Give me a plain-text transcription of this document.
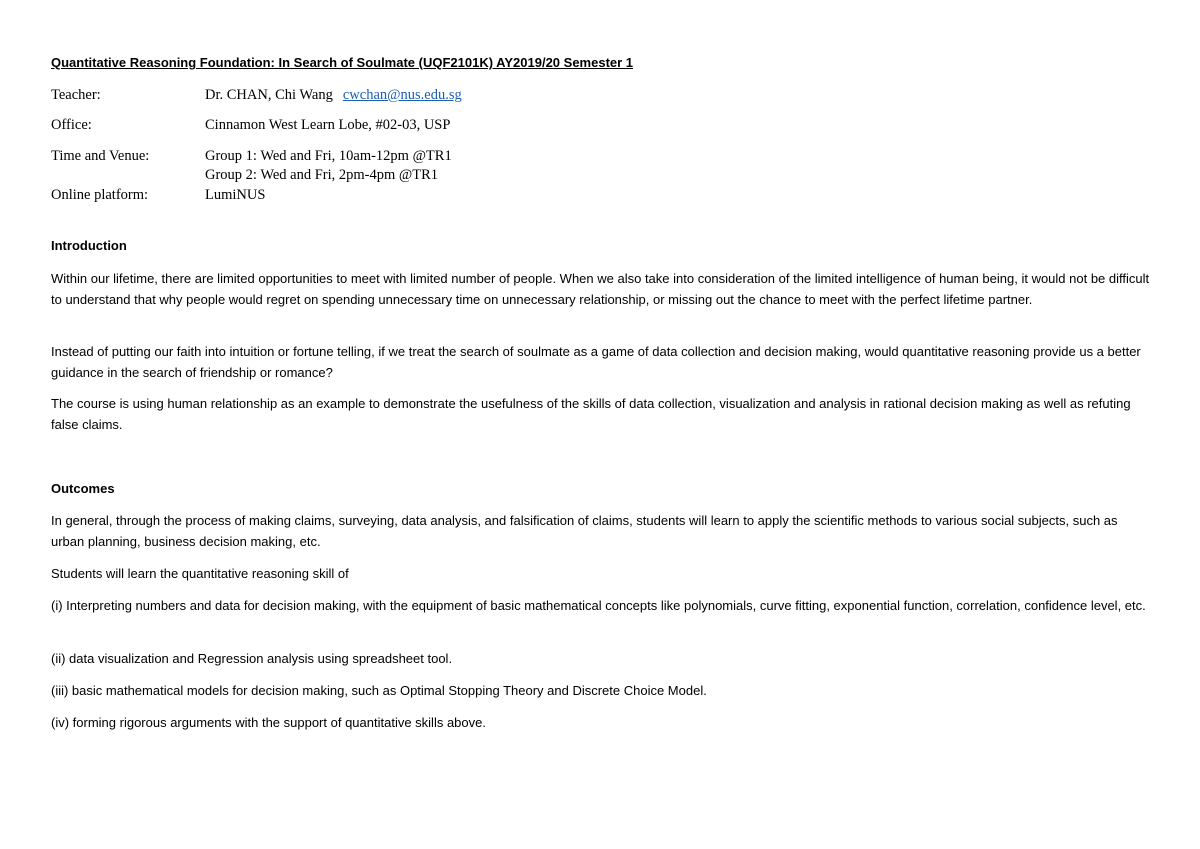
Quantitative Reasoning Foundation: In Search of Soulmate (UQF2101K) AY2019/20 Semester 1
Teacher:	Dr. CHAN, Chi Wang cwchan@nus.edu.sg
Office:	Cinnamon West Learn Lobe, #02-03, USP
Time and Venue:	Group 1: Wed and Fri, 10am-12pm @TR1
Group 2: Wed and Fri, 2pm-4pm @TR1
Online platform:	LumiNUS
Introduction
Within our lifetime, there are limited opportunities to meet with limited number of people. When we also take into consideration of the limited intelligence of human being, it would not be difficult to understand that why people would regret on spending unnecessary time on unnecessary relationship, or missing out the chance to meet with the perfect lifetime partner.
Instead of putting our faith into intuition or fortune telling, if we treat the search of soulmate as a game of data collection and decision making, would quantitative reasoning provide us a better guidance in the search of friendship or romance?
The course is using human relationship as an example to demonstrate the usefulness of the skills of data collection, visualization and analysis in rational decision making as well as refuting false claims.
Outcomes
In general, through the process of making claims, surveying, data analysis, and falsification of claims, students will learn to apply the scientific methods to various social subjects, such as urban planning, business decision making, etc.
Students will learn the quantitative reasoning skill of
(i) Interpreting numbers and data for decision making, with the equipment of basic mathematical concepts like polynomials, curve fitting, exponential function, correlation, confidence level, etc.
(ii) data visualization and Regression analysis using spreadsheet tool.
(iii) basic mathematical models for decision making, such as Optimal Stopping Theory and Discrete Choice Model.
(iv) forming rigorous arguments with the support of quantitative skills above.
